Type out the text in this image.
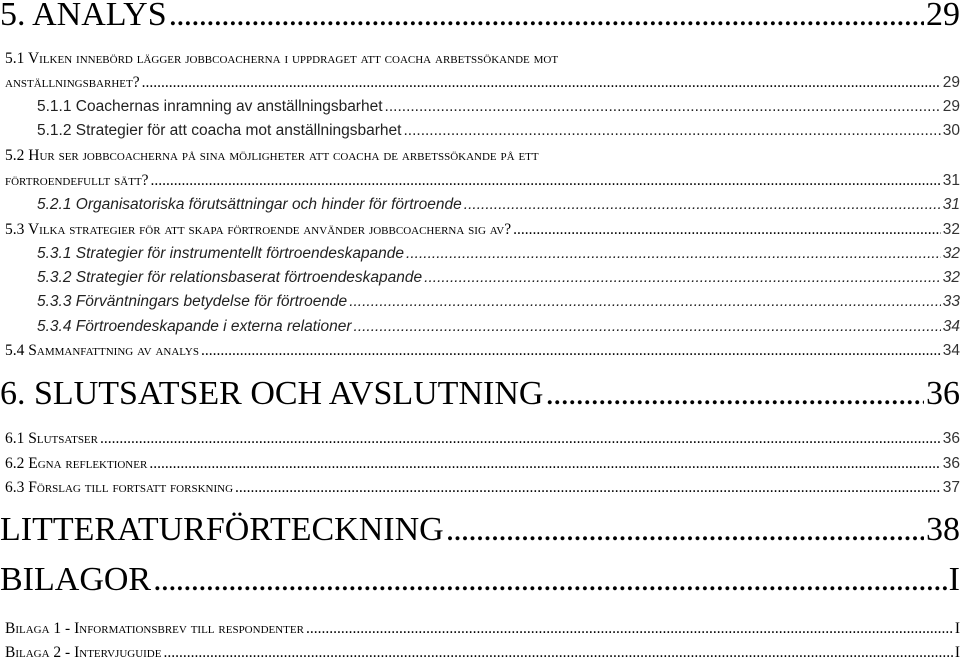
5. ANALYS .....	29
5.1 Vilken innebörd lägger jobbcoacherna i uppdraget att coacha arbetssökande mot
anställningsbarhet? .....	29
5.1.1 Coachernas inramning av anställningsbarhet .....	29
5.1.2 Strategier för att coacha mot anställningsbarhet .....	30
5.2 Hur ser jobbcoacherna på sina möjligheter att coacha de arbetssökande på ett
förtroendefullt sätt? .....	31
5.2.1 Organisatoriska förutsättningar och hinder för förtroende .....	31
5.3 Vilka strategier för att skapa förtroende använder jobbcoacherna sig av? .....	32
5.3.1 Strategier för instrumentellt förtroendeskapande .....	32
5.3.2 Strategier för relationsbaserat förtroendeskapande .....	32
5.3.3 Förväntningars betydelse för förtroende .....	33
5.3.4 Förtroendeskapande i externa relationer .....	34
5.4 Sammanfattning av analys .....	34
6. SLUTSATSER OCH AVSLUTNING .....	36
6.1 Slutsatser .....	36
6.2 Egna reflektioner .....	36
6.3 Förslag till fortsatt forskning .....	37
LITTERATURFÖRTECKNING .....	38
BILAGOR .....	I
Bilaga 1 - Informationsbrev till respondenter .....	I
Bilaga 2 - Intervjuguide .....	I
